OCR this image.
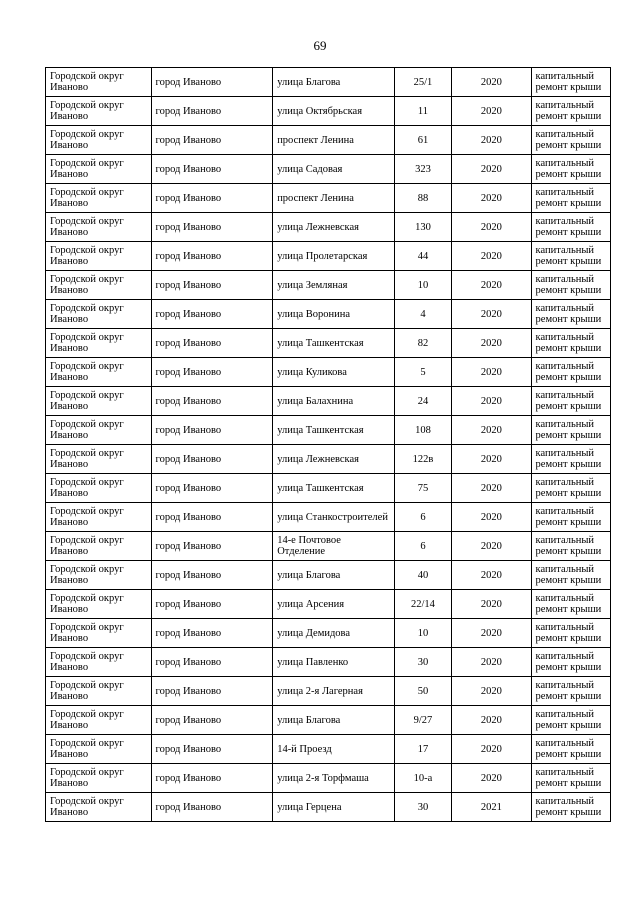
69
Городской округ Иваново	город Иваново	улица Благова	25/1	2020	капитальный ремонт крыши
Городской округ Иваново	город Иваново	улица Октябрьская	11	2020	капитальный ремонт крыши
Городской округ Иваново	город Иваново	проспект Ленина	61	2020	капитальный ремонт крыши
Городской округ Иваново	город Иваново	улица Садовая	323	2020	капитальный ремонт крыши
Городской округ Иваново	город Иваново	проспект Ленина	88	2020	капитальный ремонт крыши
Городской округ Иваново	город Иваново	улица Лежневская	130	2020	капитальный ремонт крыши
Городской округ Иваново	город Иваново	улица Пролетарская	44	2020	капитальный ремонт крыши
Городской округ Иваново	город Иваново	улица Земляная	10	2020	капитальный ремонт крыши
Городской округ Иваново	город Иваново	улица Воронина	4	2020	капитальный ремонт крыши
Городской округ Иваново	город Иваново	улица Ташкентская	82	2020	капитальный ремонт крыши
Городской округ Иваново	город Иваново	улица Куликова	5	2020	капитальный ремонт крыши
Городской округ Иваново	город Иваново	улица Балахнина	24	2020	капитальный ремонт крыши
Городской округ Иваново	город Иваново	улица Ташкентская	108	2020	капитальный ремонт крыши
Городской округ Иваново	город Иваново	улица Лежневская	122в	2020	капитальный ремонт крыши
Городской округ Иваново	город Иваново	улица Ташкентская	75	2020	капитальный ремонт крыши
Городской округ Иваново	город Иваново	улица Станкостроителей	6	2020	капитальный ремонт крыши
Городской округ Иваново	город Иваново	14-е Почтовое Отделение	6	2020	капитальный ремонт крыши
Городской округ Иваново	город Иваново	улица Благова	40	2020	капитальный ремонт крыши
Городской округ Иваново	город Иваново	улица Арсения	22/14	2020	капитальный ремонт крыши
Городской округ Иваново	город Иваново	улица Демидова	10	2020	капитальный ремонт крыши
Городской округ Иваново	город Иваново	улица Павленко	30	2020	капитальный ремонт крыши
Городской округ Иваново	город Иваново	улица 2-я Лагерная	50	2020	капитальный ремонт крыши
Городской округ Иваново	город Иваново	улица Благова	9/27	2020	капитальный ремонт крыши
Городской округ Иваново	город Иваново	14-й Проезд	17	2020	капитальный ремонт крыши
Городской округ Иваново	город Иваново	улица 2-я Торфмаша	10-а	2020	капитальный ремонт крыши
Городской округ Иваново	город Иваново	улица Герцена	30	2021	капитальный ремонт крыши
